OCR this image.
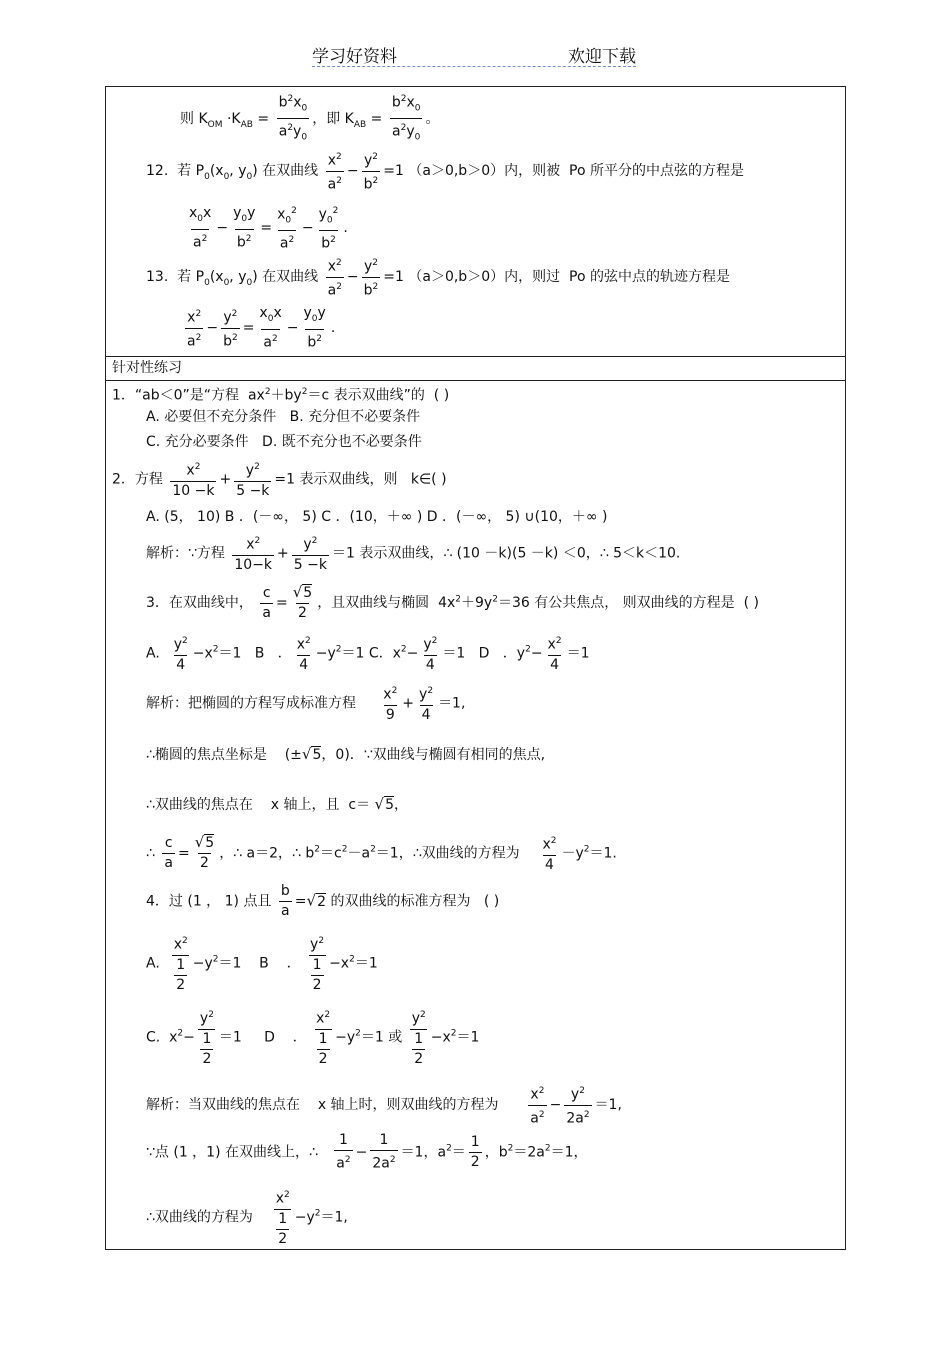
学习好资料	欢迎下载
则 $K_{OM} \cdot K_{AB} = \frac{b^2x_0}{a^2y_0}$ ，即 $K_{AB} = \frac{b^2x_0}{a^2y_0}$ 。
12. 若 $P_0(x_0$, $y_0$) 在双曲线 $\frac{x^2}{a^2} - \frac{y^2}{b^2} =1$ （a＞0,b＞0）内，则被 Po 所平分的中点弦的方程是
$\frac{x_0x}{a^2} - \frac{y_0y}{b^2} = \frac{x_0^2}{a^2} - \frac{y_0^2}{b^2}$ .
13. 若 $P_0(x_0$, $y_0$) 在双曲线 $\frac{x^2}{a^2} - \frac{y^2}{b^2} =1$ （a＞0,b＞0）内，则过 Po 的弦中点的轨迹方程是
$\frac{x^2}{a^2} - \frac{y^2}{b^2} = \frac{x_0x}{a^2} - \frac{y_0y}{b^2}$ .
针对性练习
1．“ab＜0”是“方程  $ax^2+by^2=c$ 表示双曲线”的 ( )
A. 必要但不充分条件 B. 充分但不必要条件
C. 充分必要条件 D. 既不充分也不必要条件
2．方程 $\frac{x^2}{10 -k} + \frac{y^2}{5 -k} =1$ 表示双曲线，则 k∈( )
A. (5， 10) B ．(－∞， 5) C ．(10，＋∞ ) D ．(－∞， 5) ∪(10，＋∞ )
解析：∵方程 $\frac{x^2}{10-k} + \frac{y^2}{5 -k} =1$ 表示双曲线，∴ (10 －k)(5 －k) ＜0，∴ 5＜k＜10.
3．在双曲线中， $\frac{c}{a} = \frac{√5}{2}$ ，且双曲线与椭圆  $4x^2+9y^2=36$ 有公共焦点， 则双曲线的方程是 ( )
A. $\frac{y^2}{4} -x^2=1$   B   ． $\frac{x^2}{4} -y^2=1$ C．$x^2- \frac{y^2}{4} =1$   D   ．$y^2- \frac{x^2}{4} =1$
解析：把椭圆的方程写成标准方程 $\frac{x^2}{9} + \frac{y^2}{4} =1$,
∴椭圆的焦点坐标是    (±√5，0)．∵双曲线与椭圆有相同的焦点,
∴双曲线的焦点在 x 轴上，且 c＝ √5，
∴ $\frac{c}{a} = \frac{√5}{2}$ ，∴ a＝2，∴ $b^2=c^2-a^2=1$，∴双曲线的方程为 $\frac{x^2}{4} -y^2=1$.
4．过 (1 ， 1) 点且 $\frac{b}{a} =√2$ 的双曲线的标准方程为 ( )
A. $\frac{x^2}{\frac{1}{2}} -y^2=1$    B    ． $\frac{y^2}{\frac{1}{2}} -x^2=1$
C.  $x^2- \frac{y^2}{\frac{1}{2}} =1$     D    ． $\frac{x^2}{\frac{1}{2}} -y^2=1$ 或 $\frac{y^2}{\frac{1}{2}} -x^2=1$
解析：当双曲线的焦点在 x 轴上时，则双曲线的方程为 $\frac{x^2}{a^2} - \frac{y^2}{2a^2} =1$,
∵点 (1 ，1) 在双曲线上，∴ $\frac{1}{a^2} - \frac{1}{2a^2} =1$，$a^2= \frac{1}{2}$ ，$b^2=2a^2=1$，
∴双曲线的方程为 $\frac{x^2}{\frac{1}{2}} -y^2=1$,
